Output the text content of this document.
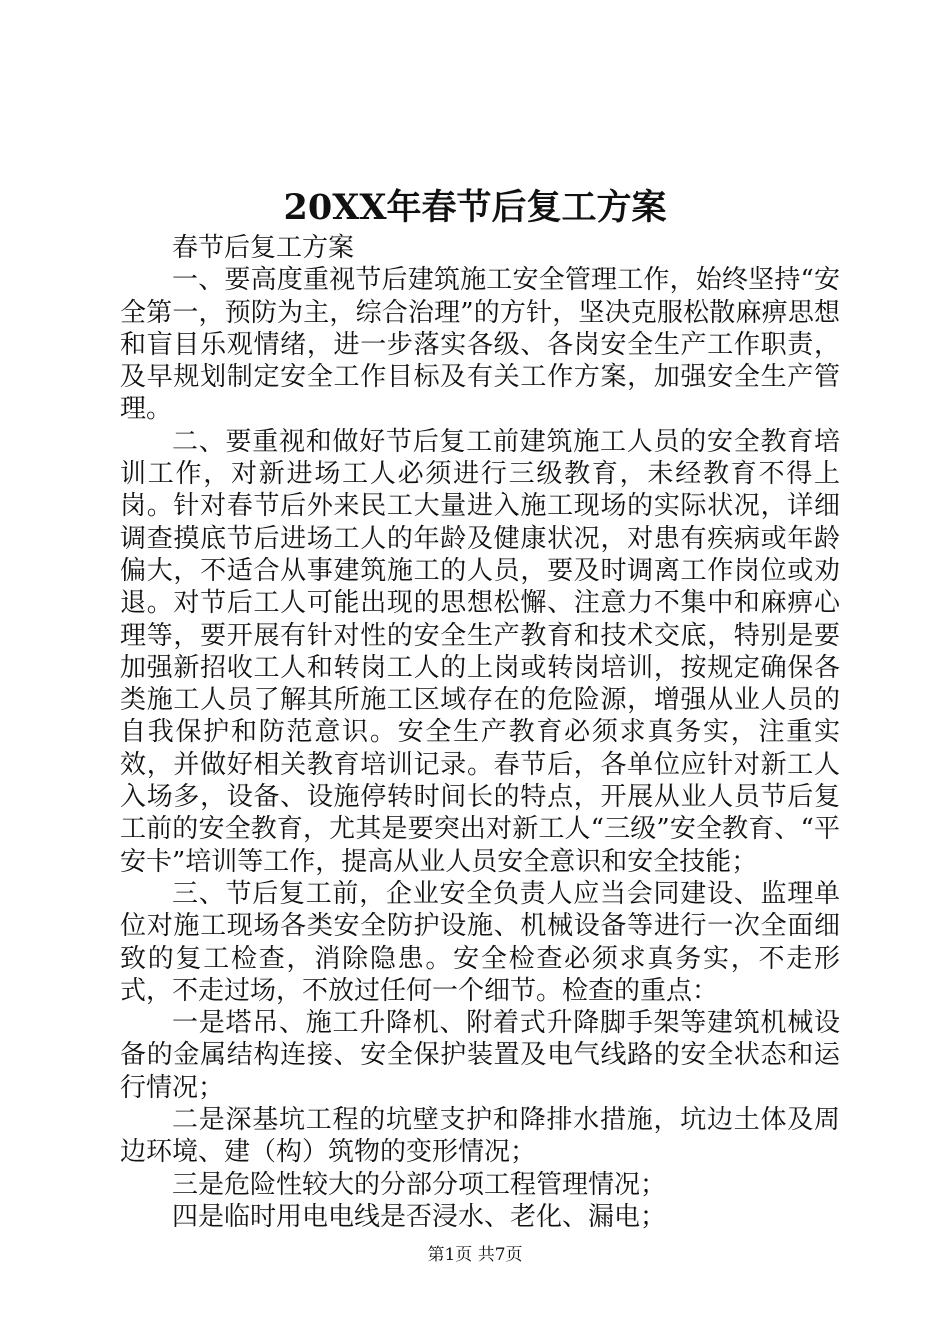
20XX年春节后复工方案

春节后复工方案

一、要高度重视节后建筑施工安全管理工作，始终坚持“安全第一，预防为主，综合治理”的方针，坚决克服松散麻痹思想和盲目乐观情绪，进一步落实各级、各岗安全生产工作职责，及早规划制定安全工作目标及有关工作方案，加强安全生产管理。

二、要重视和做好节后复工前建筑施工人员的安全教育培训工作，对新进场工人必须进行三级教育，未经教育不得上岗。针对春节后外来民工大量进入施工现场的实际状况，详细调查摸底节后进场工人的年龄及健康状况，对患有疾病或年龄偏大，不适合从事建筑施工的人员，要及时调离工作岗位或劝退。对节后工人可能出现的思想松懈、注意力不集中和麻痹心理等，要开展有针对性的安全生产教育和技术交底，特别是要加强新招收工人和转岗工人的上岗或转岗培训，按规定确保各类施工人员了解其所施工区域存在的危险源，增强从业人员的自我保护和防范意识。安全生产教育必须求真务实，注重实效，并做好相关教育培训记录。春节后，各单位应针对新工人入场多，设备、设施停转时间长的特点，开展从业人员节后复工前的安全教育，尤其是要突出对新工人“三级”安全教育、“平安卡”培训等工作，提高从业人员安全意识和安全技能；

三、节后复工前，企业安全负责人应当会同建设、监理单位对施工现场各类安全防护设施、机械设备等进行一次全面细致的复工检查，消除隐患。安全检查必须求真务实，不走形式，不走过场，不放过任何一个细节。检查的重点：

一是塔吊、施工升降机、附着式升降脚手架等建筑机械设备的金属结构连接、安全保护装置及电气线路的安全状态和运行情况；

二是深基坑工程的坑壁支护和降排水措施，坑边土体及周边环境、建（构）筑物的变形情况；

三是危险性较大的分部分项工程管理情况；

四是临时用电电线是否浸水、老化、漏电；

第1页 共7页
